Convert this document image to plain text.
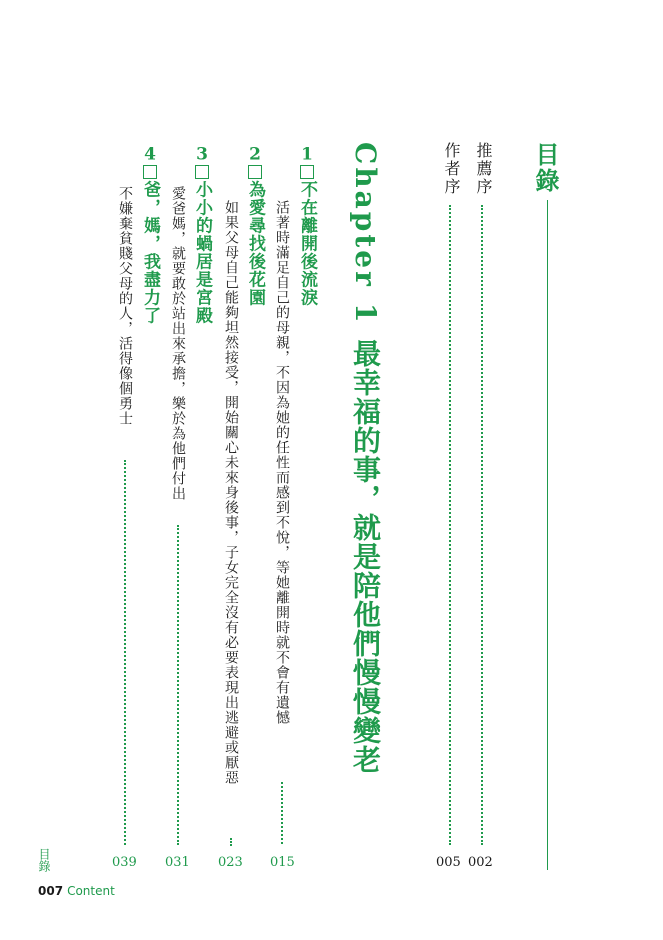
目錄
推薦序
002
作者序
005
Chapter1最幸福的事，就是陪他們慢慢變老
1不在離開後流淚
活著時滿足自己的母親，不因為她的任性而感到不悅，等她離開時就不會有遺憾
015
2為愛尋找後花園
如果父母自己能夠坦然接受，開始關心未來身後事，子女完全沒有必要表現出逃避或厭惡
023
3小小的蝸居是宮殿
愛爸媽，就要敢於站出來承擔，樂於為他們付出
031
4爸，媽，我盡力了
不嫌棄貧賤父母的人，活得像個勇士
039
目錄
007 Content
